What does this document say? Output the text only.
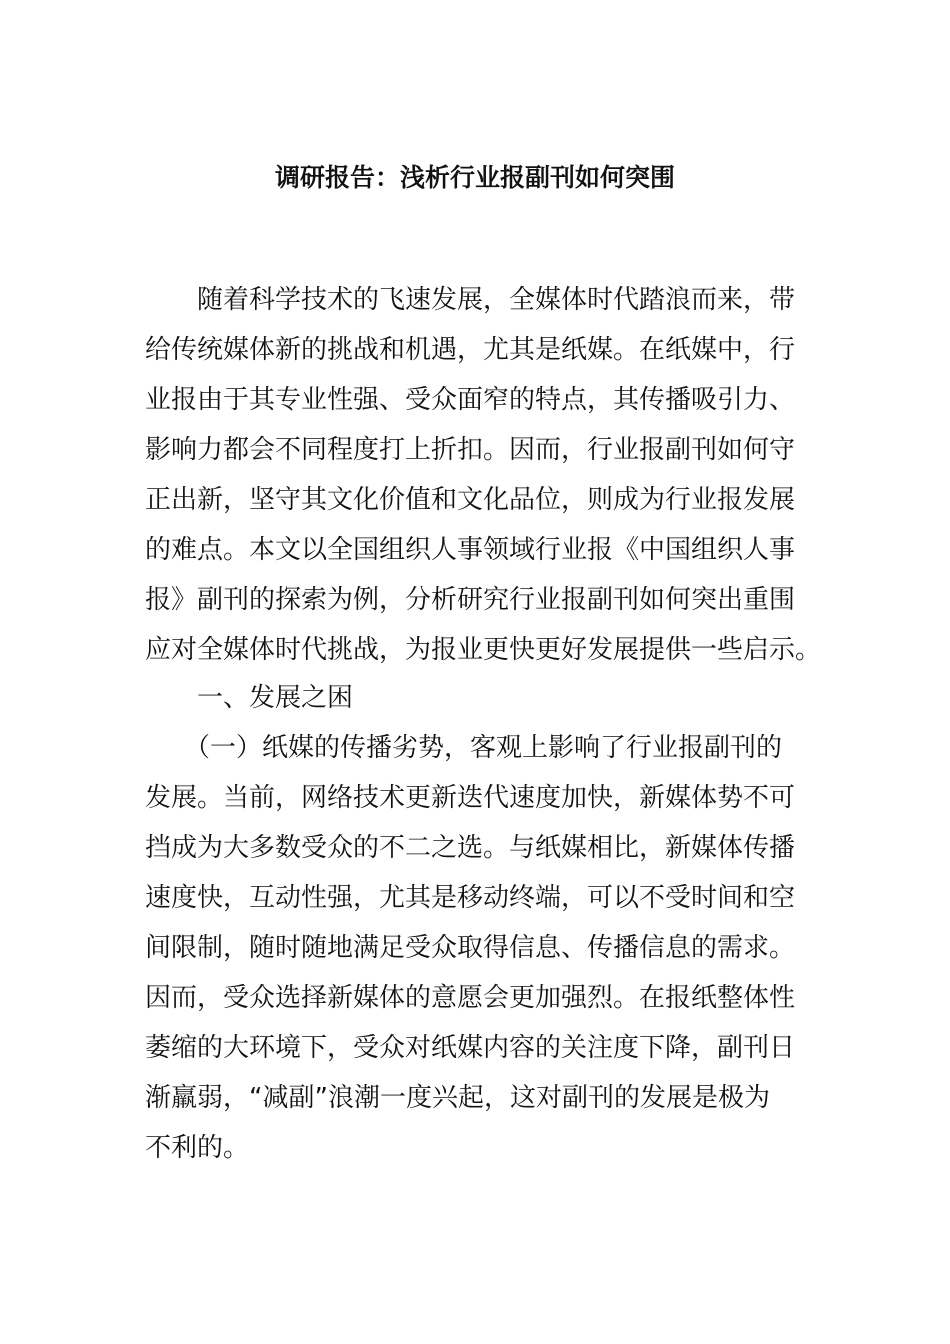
调研报告：浅析行业报副刊如何突围

　　随着科学技术的飞速发展，全媒体时代踏浪而来，带

给传统媒体新的挑战和机遇，尤其是纸媒。在纸媒中，行

业报由于其专业性强、受众面窄的特点，其传播吸引力、

影响力都会不同程度打上折扣。因而，行业报副刊如何守

正出新，坚守其文化价值和文化品位，则成为行业报发展

的难点。本文以全国组织人事领域行业报《中国组织人事

报》副刊的探索为例，分析研究行业报副刊如何突出重围

应对全媒体时代挑战，为报业更快更好发展提供一些启示。

　　一、发展之困

　　（一）纸媒的传播劣势，客观上影响了行业报副刊的

发展。当前，网络技术更新迭代速度加快，新媒体势不可

挡成为大多数受众的不二之选。与纸媒相比，新媒体传播

速度快，互动性强，尤其是移动终端，可以不受时间和空

间限制，随时随地满足受众取得信息、传播信息的需求。

因而，受众选择新媒体的意愿会更加强烈。在报纸整体性

萎缩的大环境下，受众对纸媒内容的关注度下降，副刊日

渐羸弱，“减副”浪潮一度兴起，这对副刊的发展是极为

不利的。
